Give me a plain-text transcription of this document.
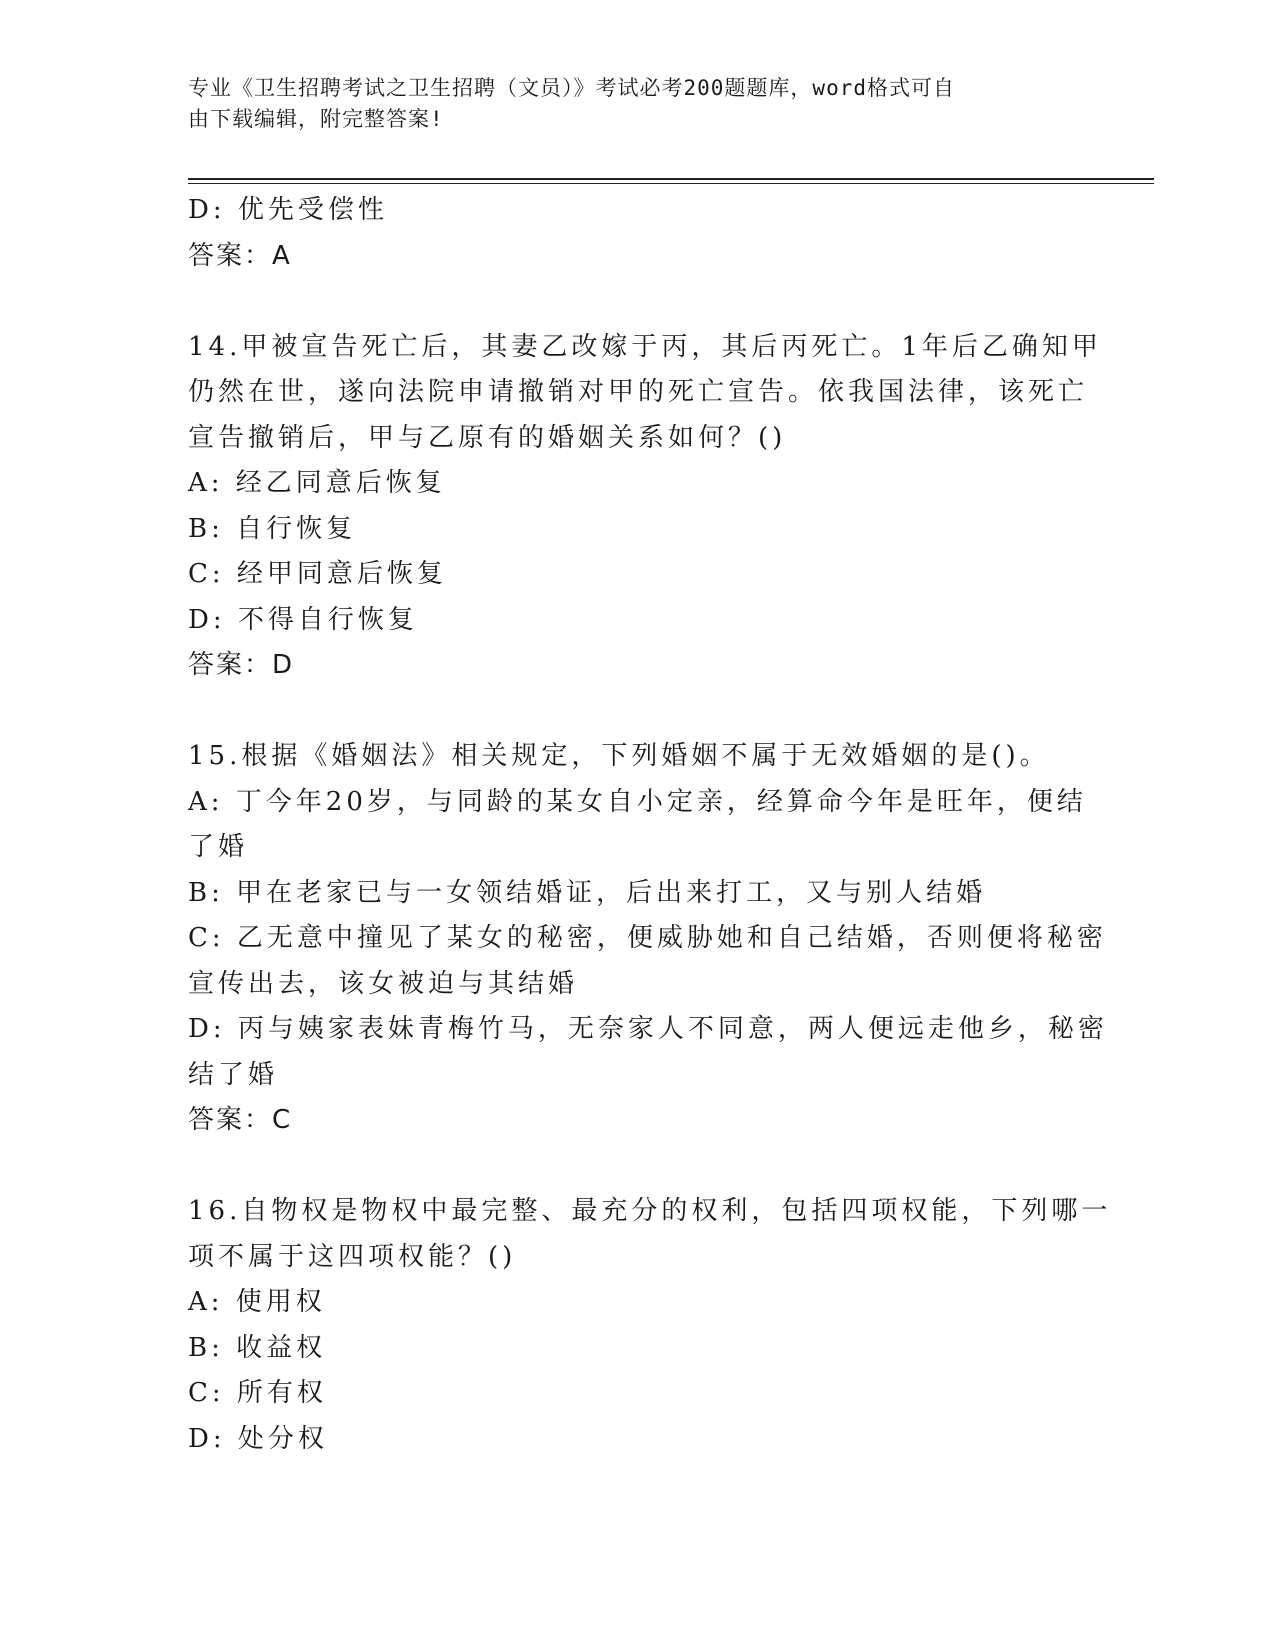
专业《卫生招聘考试之卫生招聘（文员）》考试必考200题题库，word格式可自
由下载编辑，附完整答案!
D: 优先受偿性
答案：A
14.甲被宣告死亡后，其妻乙改嫁于丙，其后丙死亡。1年后乙确知甲
仍然在世，遂向法院申请撤销对甲的死亡宣告。依我国法律，该死亡
宣告撤销后，甲与乙原有的婚姻关系如何？()
A: 经乙同意后恢复
B: 自行恢复
C: 经甲同意后恢复
D: 不得自行恢复
答案：D
15.根据《婚姻法》相关规定，下列婚姻不属于无效婚姻的是()。
A: 丁今年20岁，与同龄的某女自小定亲，经算命今年是旺年，便结
了婚
B: 甲在老家已与一女领结婚证，后出来打工，又与别人结婚
C: 乙无意中撞见了某女的秘密，便威胁她和自己结婚，否则便将秘密
宣传出去，该女被迫与其结婚
D: 丙与姨家表妹青梅竹马，无奈家人不同意，两人便远走他乡，秘密
结了婚
答案：C
16.自物权是物权中最完整、最充分的权利，包括四项权能，下列哪一
项不属于这四项权能？()
A: 使用权
B: 收益权
C: 所有权
D: 处分权
